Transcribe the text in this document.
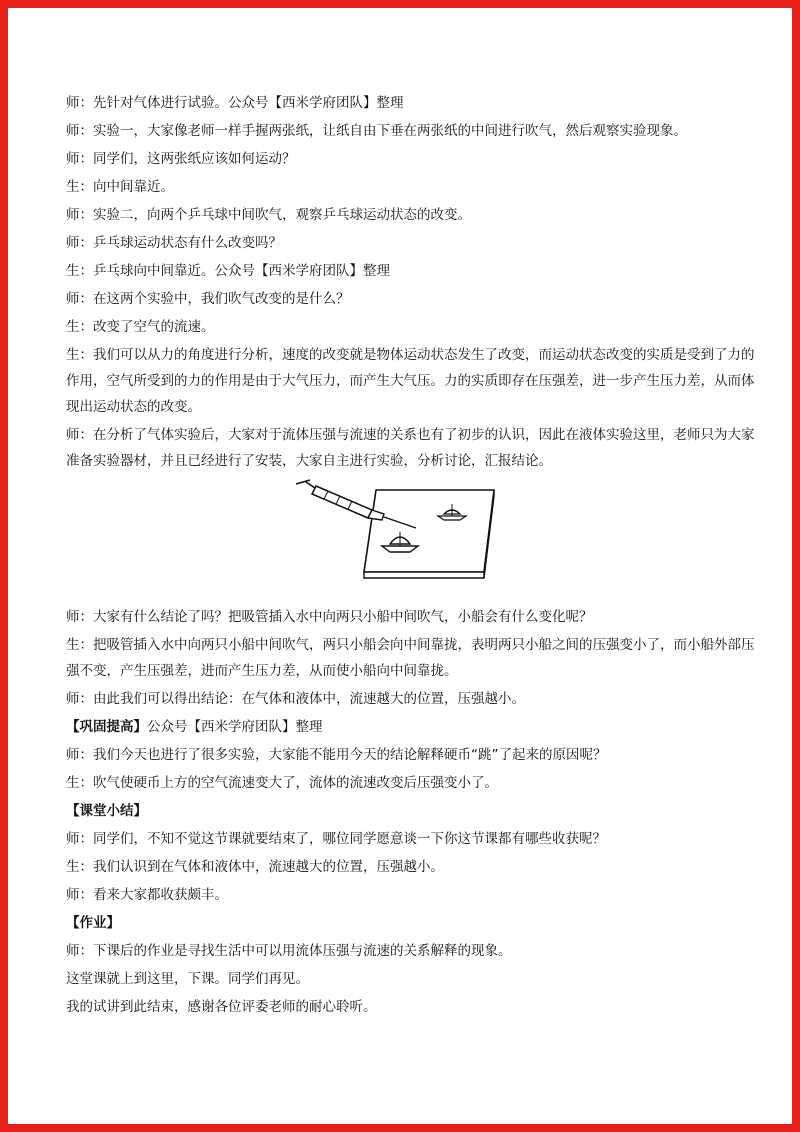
师：先针对气体进行试验。公众号【西米学府团队】整理

师：实验一，大家像老师一样手握两张纸，让纸自由下垂在两张纸的中间进行吹气，然后观察实验现象。

师：同学们，这两张纸应该如何运动？

生：向中间靠近。

师：实验二，向两个乒乓球中间吹气，观察乒乓球运动状态的改变。

师：乒乓球运动状态有什么改变吗？

生：乒乓球向中间靠近。公众号【西米学府团队】整理

师：在这两个实验中，我们吹气改变的是什么？

生：改变了空气的流速。

生：我们可以从力的角度进行分析，速度的改变就是物体运动状态发生了改变，而运动状态改变的实质是受到了力的作用，空气所受到的力的作用是由于大气压力，而产生大气压。力的实质即存在压强差，进一步产生压力差，从而体现出运动状态的改变。

师：在分析了气体实验后，大家对于流体压强与流速的关系也有了初步的认识，因此在液体实验这里，老师只为大家准备实验器材，并且已经进行了安装，大家自主进行实验，分析讨论，汇报结论。

师：大家有什么结论了吗？把吸管插入水中向两只小船中间吹气，小船会有什么变化呢？

生：把吸管插入水中向两只小船中间吹气，两只小船会向中间靠拢，表明两只小船之间的压强变小了，而小船外部压强不变，产生压强差，进而产生压力差，从而使小船向中间靠拢。

师：由此我们可以得出结论：在气体和液体中，流速越大的位置，压强越小。

【巩固提高】公众号【西米学府团队】整理

师：我们今天也进行了很多实验，大家能不能用今天的结论解释硬币“跳”了起来的原因呢？

生：吹气使硬币上方的空气流速变大了，流体的流速改变后压强变小了。

【课堂小结】

师：同学们，不知不觉这节课就要结束了，哪位同学愿意谈一下你这节课都有哪些收获呢？

生：我们认识到在气体和液体中，流速越大的位置，压强越小。

师：看来大家都收获颇丰。

【作业】

师：下课后的作业是寻找生活中可以用流体压强与流速的关系解释的现象。

这堂课就上到这里，下课。同学们再见。

我的试讲到此结束，感谢各位评委老师的耐心聆听。
